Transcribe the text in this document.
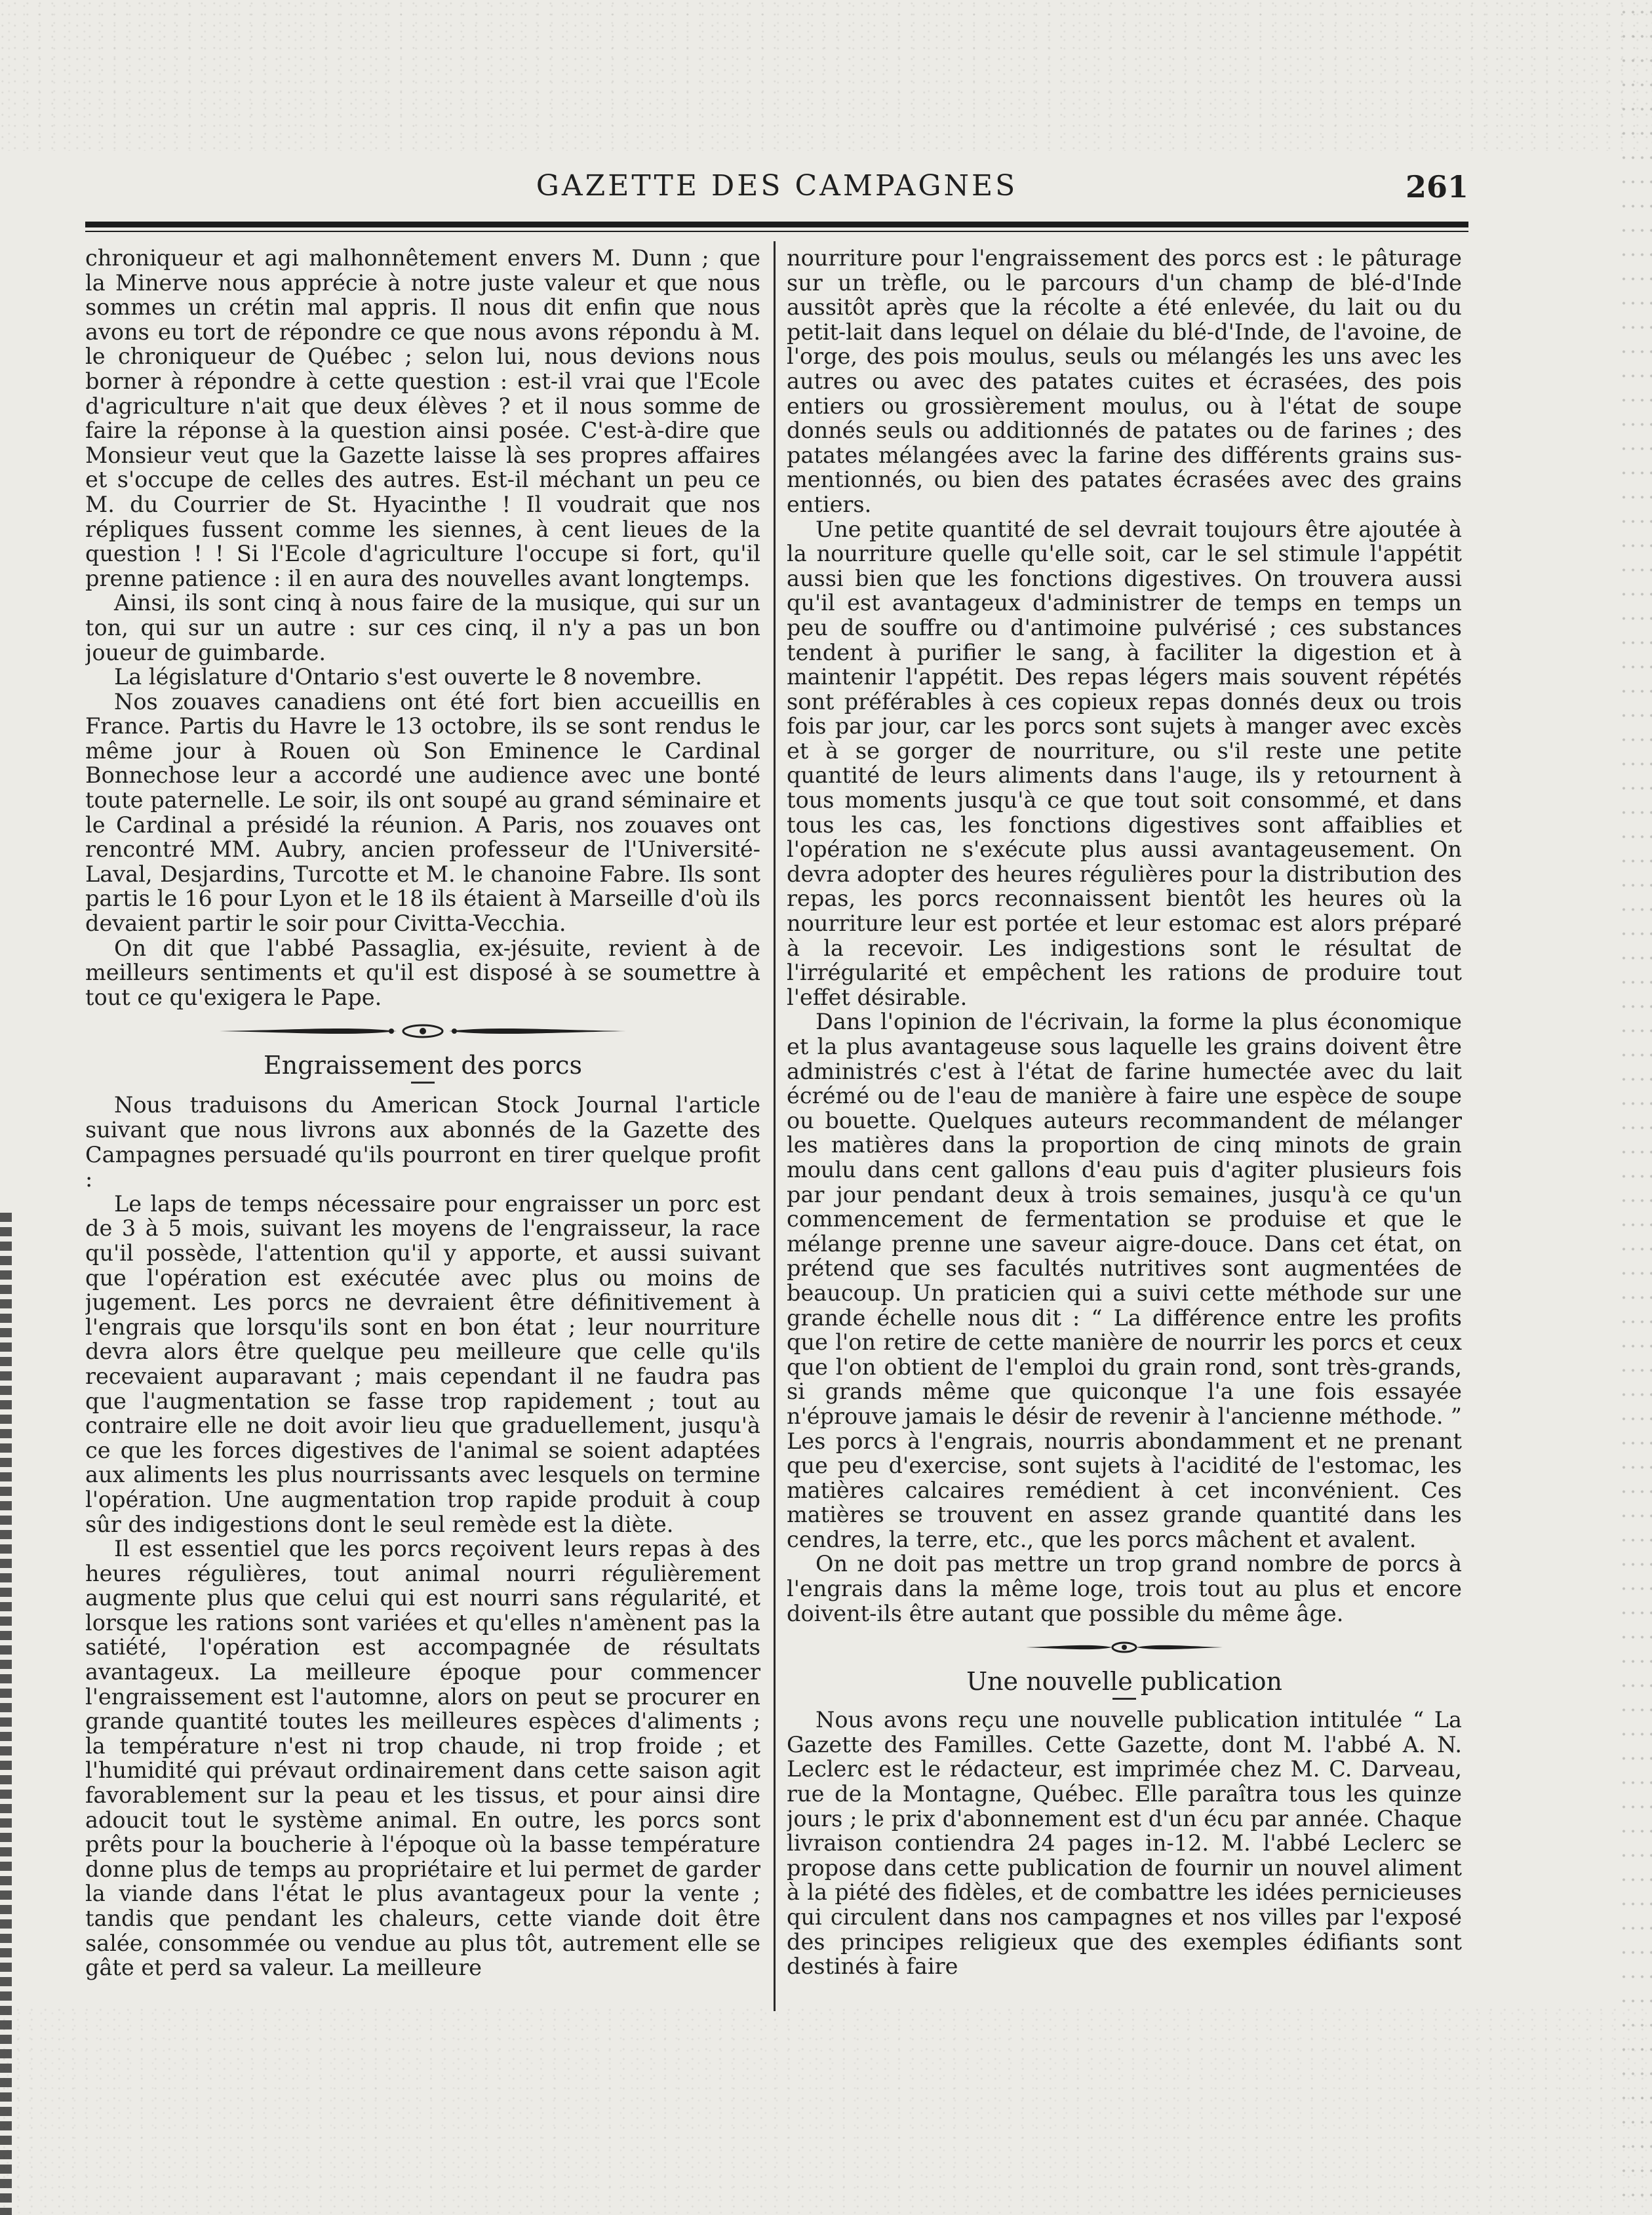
GAZETTE DES CAMPAGNES	261

chroniqueur et agi malhonnêtement envers M. Dunn ; que la Minerve nous apprécie à notre juste valeur et que nous sommes un crétin mal appris. Il nous dit enfin que nous avons eu tort de répondre ce que nous avons répondu à M. le chroniqueur de Québec ; selon lui, nous devions nous borner à répondre à cette question : est-il vrai que l'Ecole d'agriculture n'ait que deux élèves ? et il nous somme de faire la réponse à la question ainsi posée. C'est-à-dire que Monsieur veut que la Gazette laisse là ses propres affaires et s'occupe de celles des autres. Est-il méchant un peu ce M. du Courrier de St. Hyacinthe ! Il voudrait que nos répliques fussent comme les siennes, à cent lieues de la question ! ! Si l'Ecole d'agriculture l'occupe si fort, qu'il prenne patience : il en aura des nouvelles avant longtemps.

Ainsi, ils sont cinq à nous faire de la musique, qui sur un ton, qui sur un autre : sur ces cinq, il n'y a pas un bon joueur de guimbarde.

La législature d'Ontario s'est ouverte le 8 novembre.

Nos zouaves canadiens ont été fort bien accueillis en France. Partis du Havre le 13 octobre, ils se sont rendus le même jour à Rouen où Son Eminence le Cardinal Bonnechose leur a accordé une audience avec une bonté toute paternelle. Le soir, ils ont soupé au grand séminaire et le Cardinal a présidé la réunion. A Paris, nos zouaves ont rencontré MM. Aubry, ancien professeur de l'Université-Laval, Desjardins, Turcotte et M. le chanoine Fabre. Ils sont partis le 16 pour Lyon et le 18 ils étaient à Marseille d'où ils devaient partir le soir pour Civitta-Vecchia.

On dit que l'abbé Passaglia, ex-jésuite, revient à de meilleurs sentiments et qu'il est disposé à se soumettre à tout ce qu'exigera le Pape.

Engraissement des porcs

Nous traduisons du American Stock Journal l'article suivant que nous livrons aux abonnés de la Gazette des Campagnes persuadé qu'ils pourront en tirer quelque profit :

Le laps de temps nécessaire pour engraisser un porc est de 3 à 5 mois, suivant les moyens de l'engraisseur, la race qu'il possède, l'attention qu'il y apporte, et aussi suivant que l'opération est exécutée avec plus ou moins de jugement. Les porcs ne devraient être définitivement à l'engrais que lorsqu'ils sont en bon état ; leur nourriture devra alors être quelque peu meilleure que celle qu'ils recevaient auparavant ; mais cependant il ne faudra pas que l'augmentation se fasse trop rapidement ; tout au contraire elle ne doit avoir lieu que graduellement, jusqu'à ce que les forces digestives de l'animal se soient adaptées aux aliments les plus nourrissants avec lesquels on termine l'opération. Une augmentation trop rapide produit à coup sûr des indigestions dont le seul remède est la diète.

Il est essentiel que les porcs reçoivent leurs repas à des heures régulières, tout animal nourri régulièrement augmente plus que celui qui est nourri sans régularité, et lorsque les rations sont variées et qu'elles n'amènent pas la satiété, l'opération est accompagnée de résultats avantageux. La meilleure époque pour commencer l'engraissement est l'automne, alors on peut se procurer en grande quantité toutes les meilleures espèces d'aliments ; la température n'est ni trop chaude, ni trop froide ; et l'humidité qui prévaut ordinairement dans cette saison agit favorablement sur la peau et les tissus, et pour ainsi dire adoucit tout le système animal. En outre, les porcs sont prêts pour la boucherie à l'époque où la basse température donne plus de temps au propriétaire et lui permet de garder la viande dans l'état le plus avantageux pour la vente ; tandis que pendant les chaleurs, cette viande doit être salée, consommée ou vendue au plus tôt, autrement elle se gâte et perd sa valeur. La meilleure

nourriture pour l'engraissement des porcs est : le pâturage sur un trèfle, ou le parcours d'un champ de blé-d'Inde aussitôt après que la récolte a été enlevée, du lait ou du petit-lait dans lequel on délaie du blé-d'Inde, de l'avoine, de l'orge, des pois moulus, seuls ou mélangés les uns avec les autres ou avec des patates cuites et écrasées, des pois entiers ou grossièrement moulus, ou à l'état de soupe donnés seuls ou additionnés de patates ou de farines ; des patates mélangées avec la farine des différents grains sus-mentionnés, ou bien des patates écrasées avec des grains entiers.

Une petite quantité de sel devrait toujours être ajoutée à la nourriture quelle qu'elle soit, car le sel stimule l'appétit aussi bien que les fonctions digestives. On trouvera aussi qu'il est avantageux d'administrer de temps en temps un peu de souffre ou d'antimoine pulvérisé ; ces substances tendent à purifier le sang, à faciliter la digestion et à maintenir l'appétit. Des repas légers mais souvent répétés sont préférables à ces copieux repas donnés deux ou trois fois par jour, car les porcs sont sujets à manger avec excès et à se gorger de nourriture, ou s'il reste une petite quantité de leurs aliments dans l'auge, ils y retournent à tous moments jusqu'à ce que tout soit consommé, et dans tous les cas, les fonctions digestives sont affaiblies et l'opération ne s'exécute plus aussi avantageusement. On devra adopter des heures régulières pour la distribution des repas, les porcs reconnaissent bientôt les heures où la nourriture leur est portée et leur estomac est alors préparé à la recevoir. Les indigestions sont le résultat de l'irrégularité et empêchent les rations de produire tout l'effet désirable.

Dans l'opinion de l'écrivain, la forme la plus économique et la plus avantageuse sous laquelle les grains doivent être administrés c'est à l'état de farine humectée avec du lait écrémé ou de l'eau de manière à faire une espèce de soupe ou bouette. Quelques auteurs recommandent de mélanger les matières dans la proportion de cinq minots de grain moulu dans cent gallons d'eau puis d'agiter plusieurs fois par jour pendant deux à trois semaines, jusqu'à ce qu'un commencement de fermentation se produise et que le mélange prenne une saveur aigre-douce. Dans cet état, on prétend que ses facultés nutritives sont augmentées de beaucoup. Un praticien qui a suivi cette méthode sur une grande échelle nous dit : “ La différence entre les profits que l'on retire de cette manière de nourrir les porcs et ceux que l'on obtient de l'emploi du grain rond, sont très-grands, si grands même que quiconque l'a une fois essayée n'éprouve jamais le désir de revenir à l'ancienne méthode. ” Les porcs à l'engrais, nourris abondamment et ne prenant que peu d'exercise, sont sujets à l'acidité de l'estomac, les matières calcaires remédient à cet inconvénient. Ces matières se trouvent en assez grande quantité dans les cendres, la terre, etc., que les porcs mâchent et avalent.

On ne doit pas mettre un trop grand nombre de porcs à l'engrais dans la même loge, trois tout au plus et encore doivent-ils être autant que possible du même âge.

Une nouvelle publication

Nous avons reçu une nouvelle publication intitulée “ La Gazette des Familles. Cette Gazette, dont M. l'abbé A. N. Leclerc est le rédacteur, est imprimée chez M. C. Darveau, rue de la Montagne, Québec. Elle paraîtra tous les quinze jours ; le prix d'abonnement est d'un écu par année. Chaque livraison contiendra 24 pages in-12. M. l'abbé Leclerc se propose dans cette publication de fournir un nouvel aliment à la piété des fidèles, et de combattre les idées pernicieuses qui circulent dans nos campagnes et nos villes par l'exposé des principes religieux que des exemples édifiants sont destinés à faire
